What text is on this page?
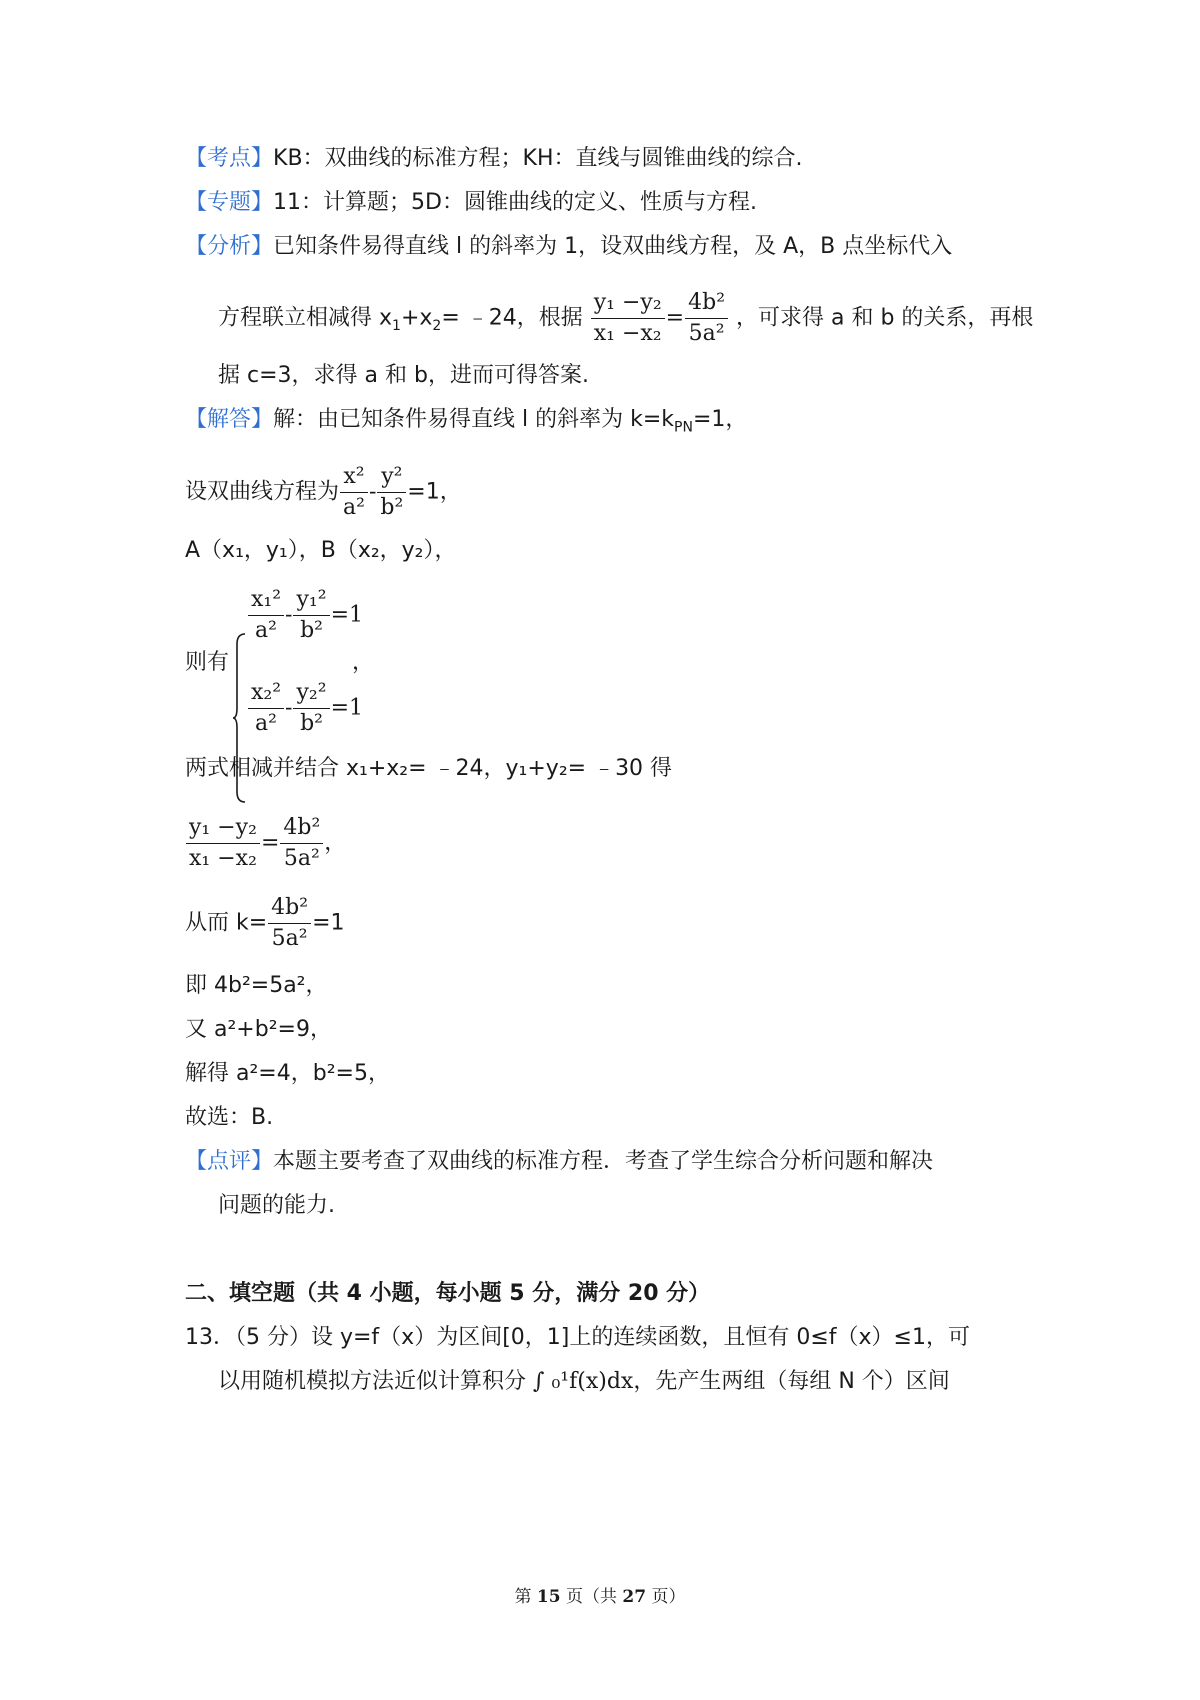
【考点】KB：双曲线的标准方程；KH：直线与圆锥曲线的综合.
【专题】11：计算题；5D：圆锥曲线的定义、性质与方程.
【分析】已知条件易得直线 l 的斜率为 1，设双曲线方程，及 A，B 点坐标代入
方程联立相减得 $x_1+x_2=$ ﹣24，根据 $\frac{\text{y₁ −y₂}}{\text{x₁ −x₂}} = \frac{\text{4b²}}{\text{5a²}}$ ，可求得 a 和 b 的关系，再根
据 c=3，求得 a 和 b，进而可得答案.
【解答】解：由已知条件易得直线 l 的斜率为 $k=k_{PN}=1$，
设双曲线方程为 $\frac{\text{x²}}{\text{a²}} - \frac{\text{y²}}{\text{b²}} =1$，
A（x₁，y₁），B（x₂，y₂），
则有
$\frac{\text{x₁²}}{\text{a²}} - \frac{\text{y₁²}}{\text{b²}} =1$
$\frac{\text{x₂²}}{\text{a²}} - \frac{\text{y₂²}}{\text{b²}} =1$
，
两式相减并结合 x₁+x₂= ﹣24，y₁+y₂= ﹣30 得
$\frac{\text{y₁ −y₂}}{\text{x₁ −x₂}} = \frac{\text{4b²}}{\text{5a²}}$ ，
从而 $k= \frac{\text{4b²}}{\text{5a²}} =1$
即 4b²=5a²，
又 a²+b²=9，
解得 a²=4，b²=5，
故选：B.
【点评】本题主要考查了双曲线的标准方程．考查了学生综合分析问题和解决
问题的能力.
二、填空题（共 4 小题，每小题 5 分，满分 20 分）
13．（5 分）设 y=f（x）为区间[0，1]上的连续函数，且恒有 0≤f（x）≤1，可
以用随机模拟方法近似计算积分 ∫ ₀¹f(x)dx，先产生两组（每组 N 个）区间
第 15 页（共 27 页）
